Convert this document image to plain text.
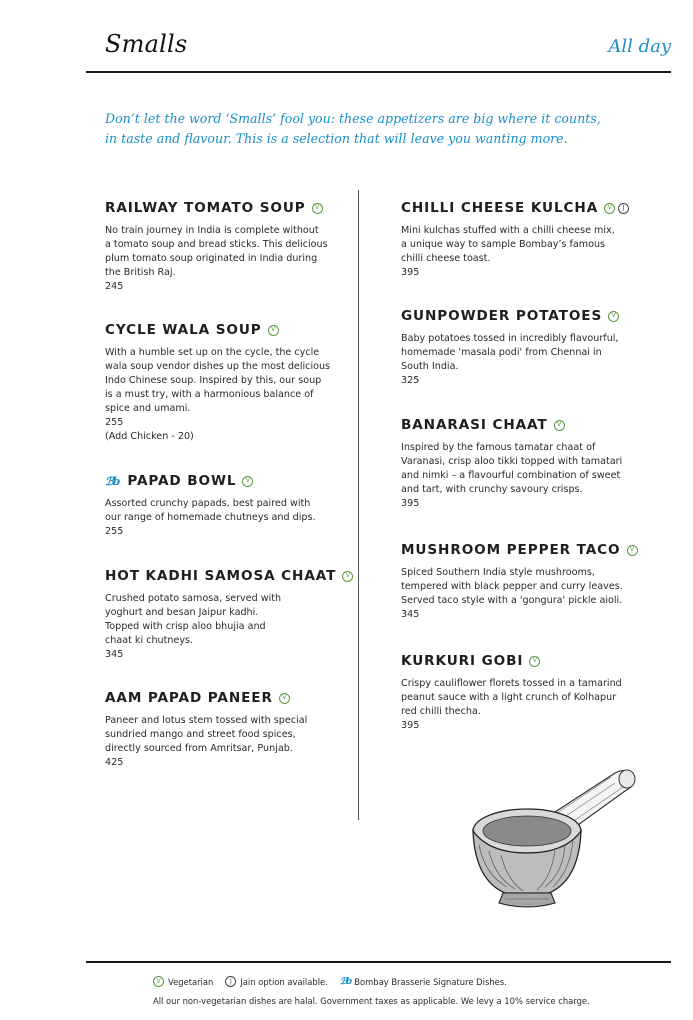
Smalls	All day
Don’t let the word ‘Smalls’ fool you: these appetizers are big where it counts,
in taste and flavour. This is a selection that will leave you wanting more.
RAILWAY TOMATO SOUP	V
No train journey in India is complete without
a tomato soup and bread sticks. This delicious
plum tomato soup originated in India during
the British Raj.
245
CYCLE WALA SOUP	V
With a humble set up on the cycle, the cycle
wala soup vendor dishes up the most delicious
Indo Chinese soup. Inspired by this, our soup
is a must try, with a harmonious balance of
spice and umami.
255
(Add Chicken - 20)
ℬb PAPAD BOWL	V
Assorted crunchy papads, best paired with
our range of homemade chutneys and dips.
255
HOT KADHI SAMOSA CHAAT	V
Crushed potato samosa, served with
yoghurt and besan Jaipur kadhi.
Topped with crisp aloo bhujia and
chaat ki chutneys.
345
AAM PAPAD PANEER	V
Paneer and lotus stem tossed with special
sundried mango and street food spices,
directly sourced from Amritsar, Punjab.
425
CHILLI CHEESE KULCHA	V	J
Mini kulchas stuffed with a chilli cheese mix,
a unique way to sample Bombay’s famous
chilli cheese toast.
395
GUNPOWDER POTATOES	V
Baby potatoes tossed in incredibly flavourful,
homemade 'masala podi' from Chennai in
South India.
325
BANARASI CHAAT	V
Inspired by the famous tamatar chaat of
Varanasi, crisp aloo tikki topped with tamatari
and nimki – a flavourful combination of sweet
and tart, with crunchy savoury crisps.
395
MUSHROOM PEPPER TACO	V
Spiced Southern India style mushrooms,
tempered with black pepper and curry leaves.
Served taco style with a 'gongura' pickle aioli.
345
KURKURI GOBI	V
Crispy cauliflower florets tossed in a tamarind
peanut sauce with a light crunch of Kolhapur
red chilli thecha.
395
V Vegetarian	J	Jain option available. ℬb Bombay Brasserie Signature Dishes.
All our non-vegetarian dishes are halal. Government taxes as applicable. We levy a 10% service charge.
